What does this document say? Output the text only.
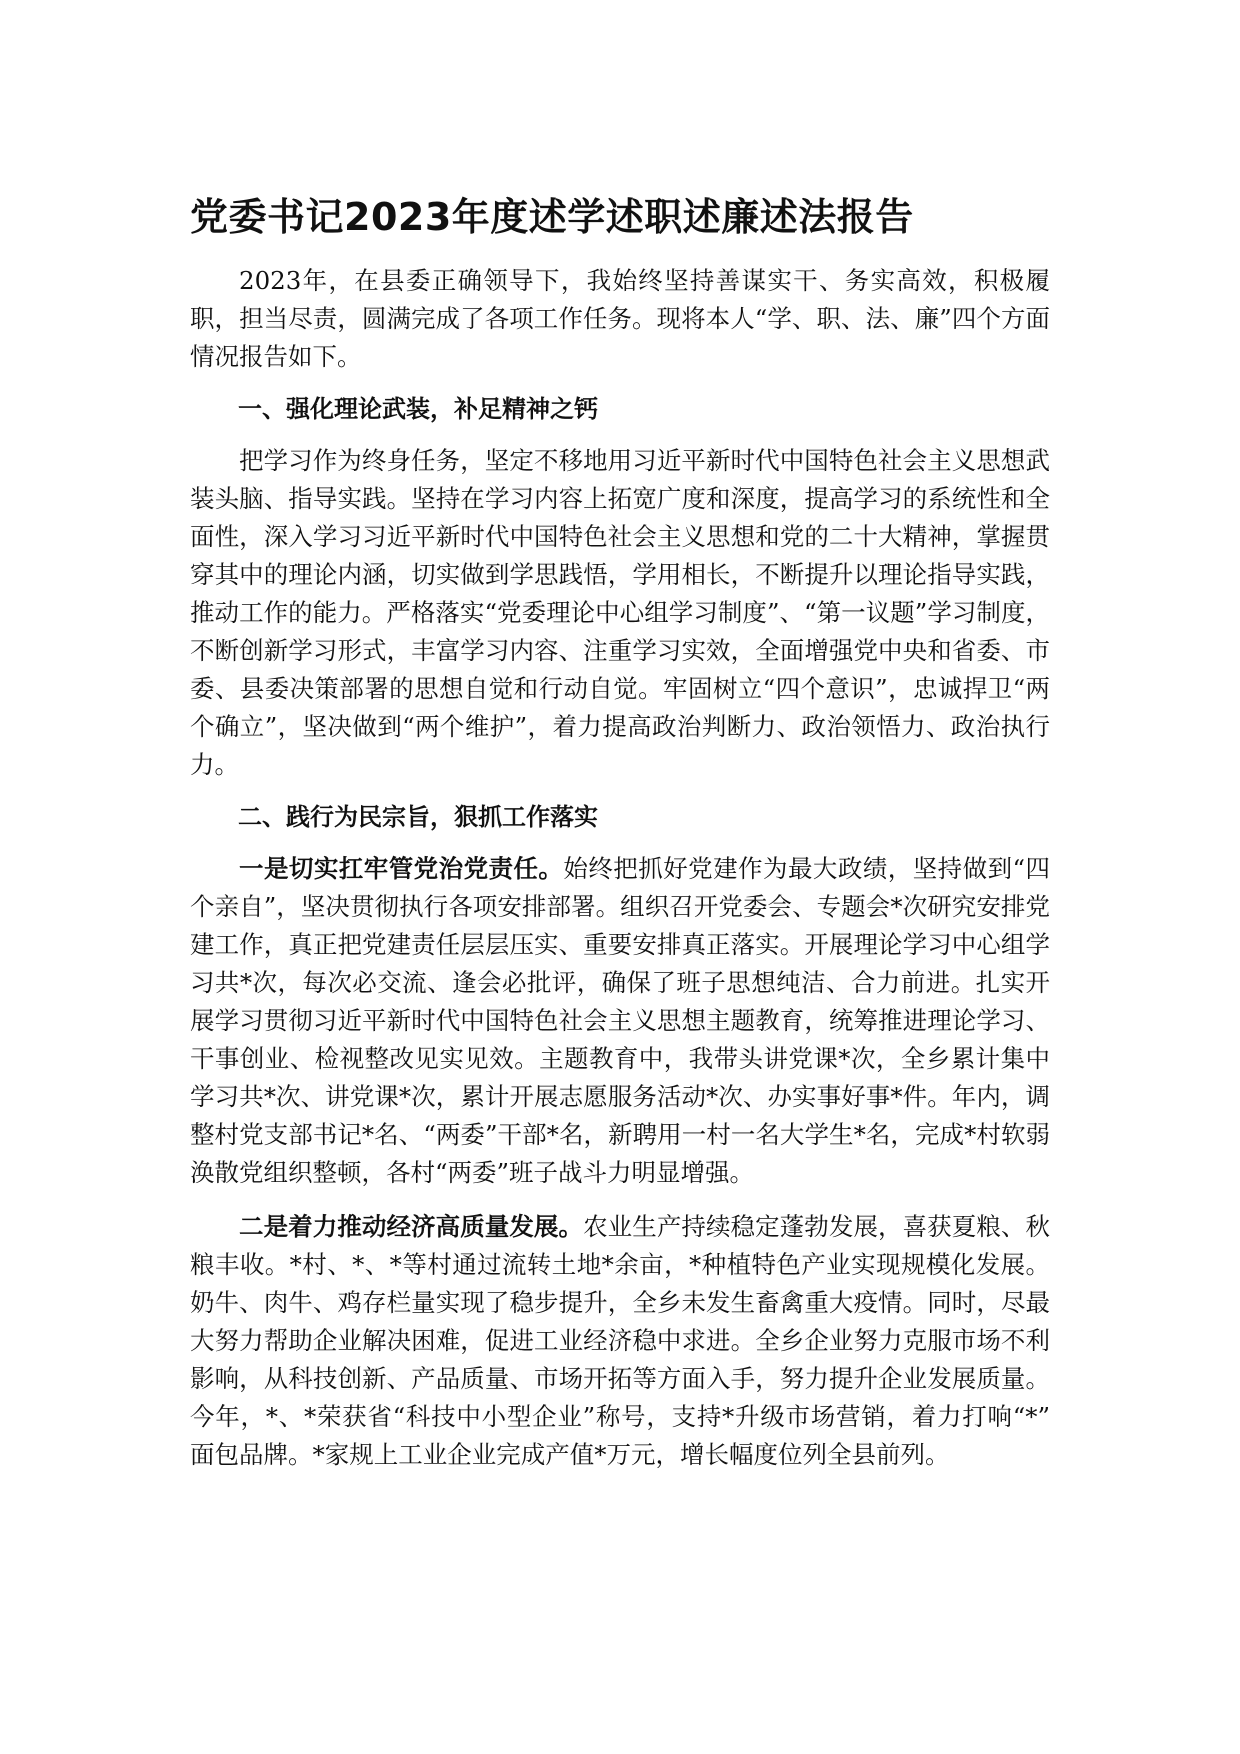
党委书记2023年度述学述职述廉述法报告

2023年，在县委正确领导下，我始终坚持善谋实干、务实高效，积极履职，担当尽责，圆满完成了各项工作任务。现将本人“学、职、法、廉”四个方面情况报告如下。

一、强化理论武装，补足精神之钙

把学习作为终身任务，坚定不移地用习近平新时代中国特色社会主义思想武装头脑、指导实践。坚持在学习内容上拓宽广度和深度，提高学习的系统性和全面性，深入学习习近平新时代中国特色社会主义思想和党的二十大精神，掌握贯穿其中的理论内涵，切实做到学思践悟，学用相长，不断提升以理论指导实践，推动工作的能力。严格落实“党委理论中心组学习制度”、“第一议题”学习制度，不断创新学习形式，丰富学习内容、注重学习实效，全面增强党中央和省委、市委、县委决策部署的思想自觉和行动自觉。牢固树立“四个意识”，忠诚捍卫“两个确立”，坚决做到“两个维护”，着力提高政治判断力、政治领悟力、政治执行力。

二、践行为民宗旨，狠抓工作落实

一是切实扛牢管党治党责任。始终把抓好党建作为最大政绩，坚持做到“四个亲自”，坚决贯彻执行各项安排部署。组织召开党委会、专题会*次研究安排党建工作，真正把党建责任层层压实、重要安排真正落实。开展理论学习中心组学习共*次，每次必交流、逢会必批评，确保了班子思想纯洁、合力前进。扎实开展学习贯彻习近平新时代中国特色社会主义思想主题教育，统筹推进理论学习、干事创业、检视整改见实见效。主题教育中，我带头讲党课*次，全乡累计集中学习共*次、讲党课*次，累计开展志愿服务活动*次、办实事好事*件。年内，调整村党支部书记*名、“两委”干部*名，新聘用一村一名大学生*名，完成*村软弱涣散党组织整顿，各村“两委”班子战斗力明显增强。

二是着力推动经济高质量发展。农业生产持续稳定蓬勃发展，喜获夏粮、秋粮丰收。*村、*、*等村通过流转土地*余亩，*种植特色产业实现规模化发展。奶牛、肉牛、鸡存栏量实现了稳步提升，全乡未发生畜禽重大疫情。同时，尽最大努力帮助企业解决困难，促进工业经济稳中求进。全乡企业努力克服市场不利影响，从科技创新、产品质量、市场开拓等方面入手，努力提升企业发展质量。今年，*、*荣获省“科技中小型企业”称号，支持*升级市场营销，着力打响“*” 面包品牌。*家规上工业企业完成产值*万元，增长幅度位列全县前列。
